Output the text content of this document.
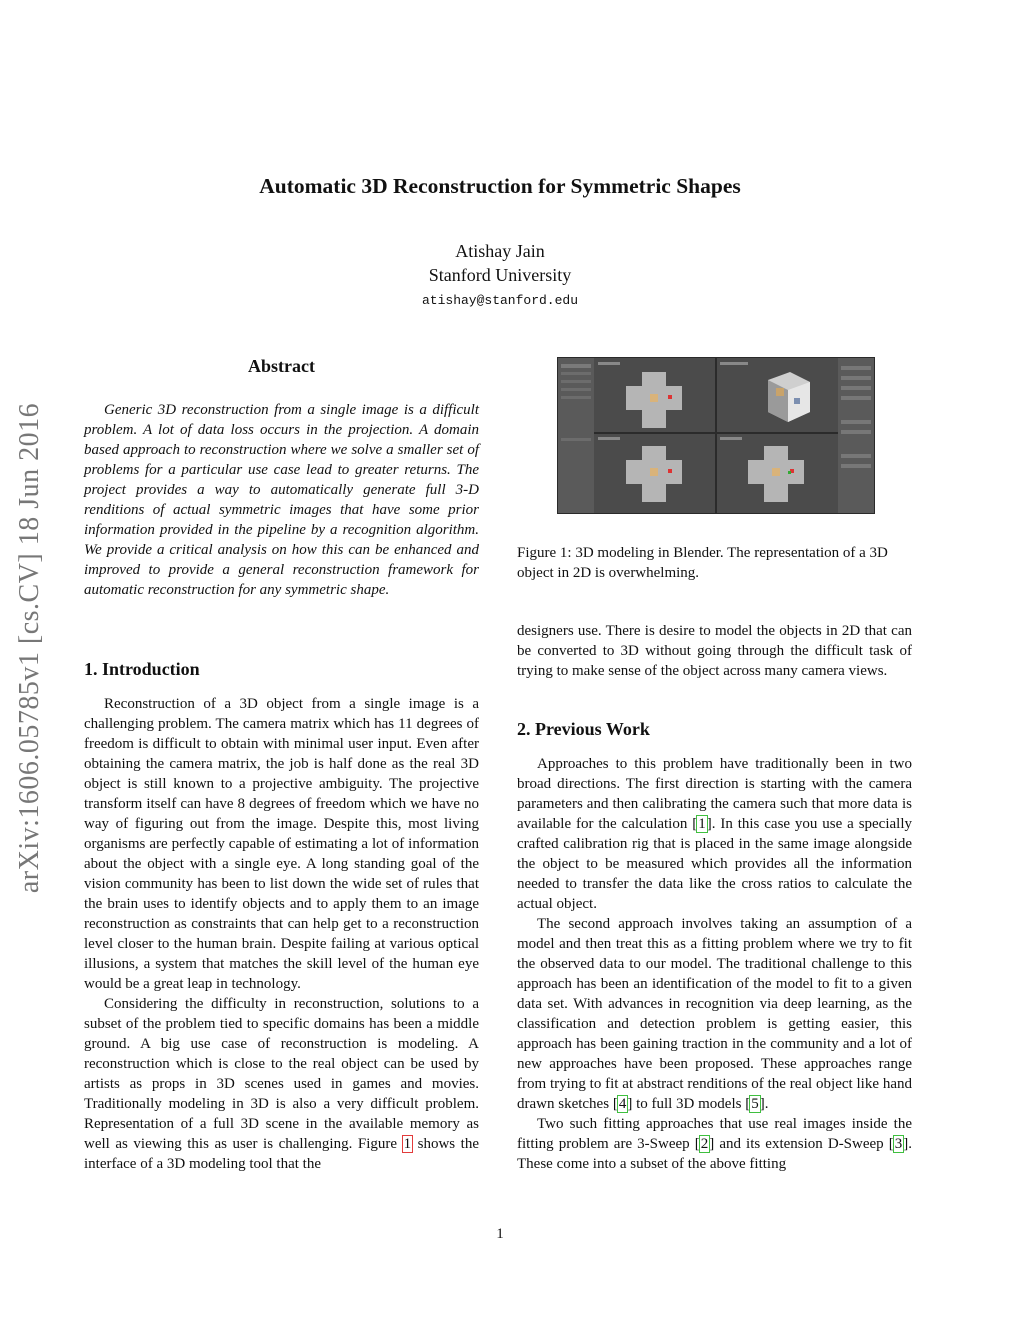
Automatic 3D Reconstruction for Symmetric Shapes
Atishay Jain
Stanford University
atishay@stanford.edu
arXiv:1606.05785v1 [cs.CV] 18 Jun 2016
Abstract

Generic 3D reconstruction from a single image is a difficult problem. A lot of data loss occurs in the projection. A domain based approach to reconstruction where we solve a smaller set of problems for a particular use case lead to greater returns. The project provides a way to automatically generate full 3-D renditions of actual symmetric images that have some prior information provided in the pipeline by a recognition algorithm. We provide a critical analysis on how this can be enhanced and improved to provide a general reconstruction framework for automatic reconstruction for any symmetric shape.

1. Introduction

Reconstruction of a 3D object from a single image is a challenging problem. The camera matrix which has 11 degrees of freedom is difficult to obtain with minimal user input. Even after obtaining the camera matrix, the job is half done as the real 3D object is still known to a projective ambiguity. The projective transform itself can have 8 degrees of freedom which we have no way of figuring out from the image. Despite this, most living organisms are perfectly capable of estimating a lot of information about the object with a single eye. A long standing goal of the vision community has been to list down the wide set of rules that the brain uses to identify objects and to apply them to an image reconstruction as constraints that can help get to a reconstruction level closer to the human brain. Despite failing at various optical illusions, a system that matches the skill level of the human eye would be a great leap in technology.

Considering the difficulty in reconstruction, solutions to a subset of the problem tied to specific domains has been a middle ground. A big use case of reconstruction is modeling. A reconstruction which is close to the real object can be used by artists as props in 3D scenes used in games and movies. Traditionally modeling in 3D is also a very difficult problem. Representation of a full 3D scene in the available memory as well as viewing this as user is challenging. Figure 1 shows the interface of a 3D modeling tool that the

Figure 1: 3D modeling in Blender. The representation of a 3D object in 2D is overwhelming.

designers use. There is desire to model the objects in 2D that can be converted to 3D without going through the difficult task of trying to make sense of the object across many camera views.

2. Previous Work

Approaches to this problem have traditionally been in two broad directions. The first direction is starting with the camera parameters and then calibrating the camera such that more data is available for the calculation [1]. In this case you use a specially crafted calibration rig that is placed in the same image alongside the object to be measured which provides all the information needed to transfer the data like the cross ratios to calculate the actual object.

The second approach involves taking an assumption of a model and then treat this as a fitting problem where we try to fit the observed data to our model. The traditional challenge to this approach has been an identification of the model to fit to a given data set. With advances in recognition via deep learning, as the classification and detection problem is getting easier, this approach has been gaining traction in the community and a lot of new approaches have been proposed. These approaches range from trying to fit at abstract renditions of the real object like hand drawn sketches [4] to full 3D models [5].

Two such fitting approaches that use real images inside the fitting problem are 3-Sweep [2] and its extension D-Sweep [3]. These come into a subset of the above fitting

1
